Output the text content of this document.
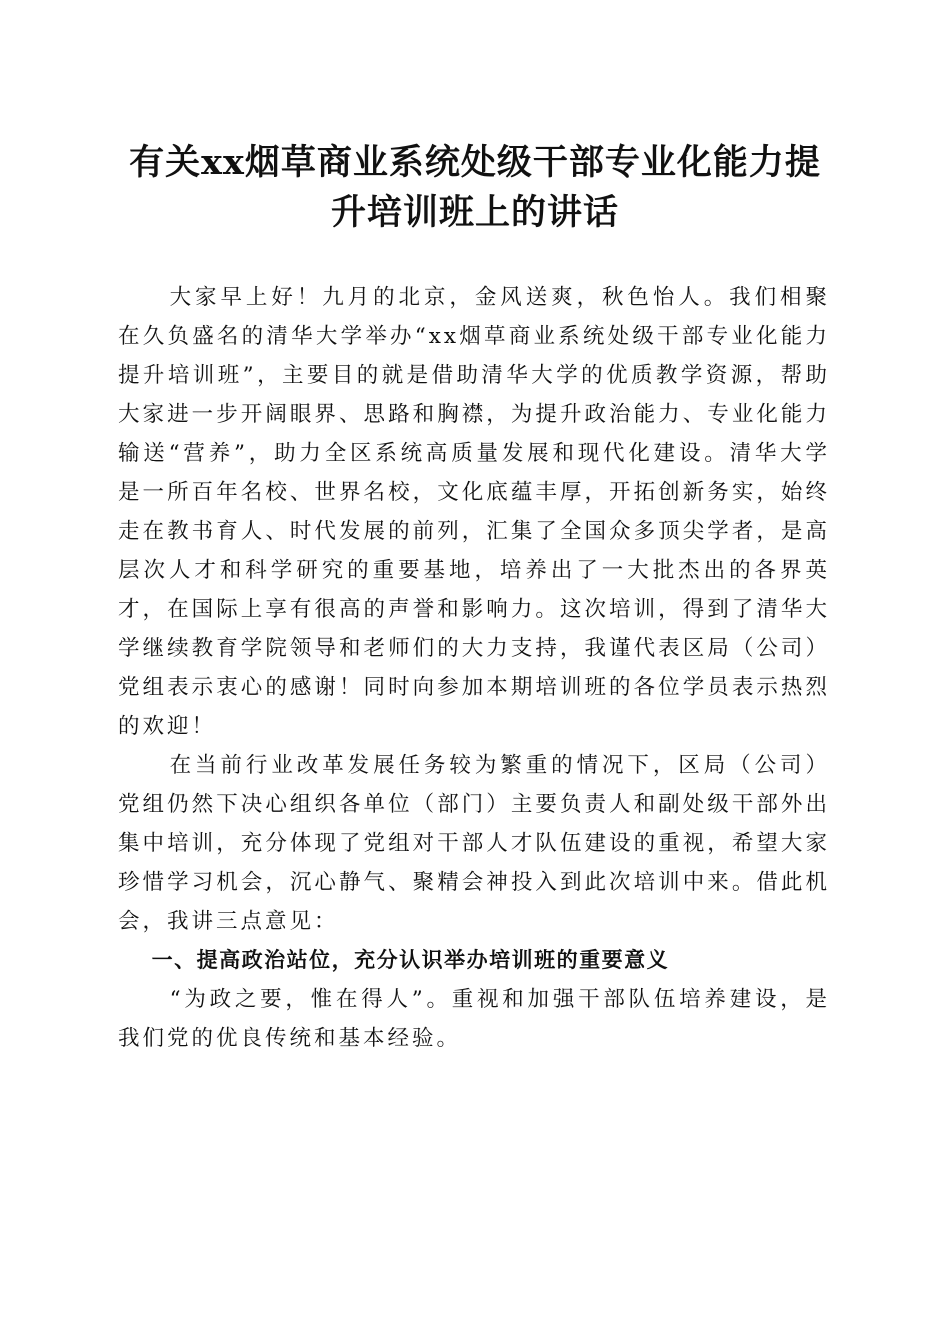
有关xx烟草商业系统处级干部专业化能力提
升培训班上的讲话

大家早上好！九月的北京，金风送爽，秋色怡人。我们相聚在久负盛名的清华大学举办“xx烟草商业系统处级干部专业化能力提升培训班”，主要目的就是借助清华大学的优质教学资源，帮助大家进一步开阔眼界、思路和胸襟，为提升政治能力、专业化能力输送“营养”，助力全区系统高质量发展和现代化建设。清华大学是一所百年名校、世界名校，文化底蕴丰厚，开拓创新务实，始终走在教书育人、时代发展的前列，汇集了全国众多顶尖学者，是高层次人才和科学研究的重要基地，培养出了一大批杰出的各界英才，在国际上享有很高的声誉和影响力。这次培训，得到了清华大学继续教育学院领导和老师们的大力支持，我谨代表区局（公司）党组表示衷心的感谢！同时向参加本期培训班的各位学员表示热烈的欢迎！

在当前行业改革发展任务较为繁重的情况下，区局（公司）党组仍然下决心组织各单位（部门）主要负责人和副处级干部外出集中培训，充分体现了党组对干部人才队伍建设的重视，希望大家珍惜学习机会，沉心静气、聚精会神投入到此次培训中来。借此机会，我讲三点意见：

一、提高政治站位，充分认识举办培训班的重要意义

“为政之要，惟在得人”。重视和加强干部队伍培养建设，是我们党的优良传统和基本经验。
